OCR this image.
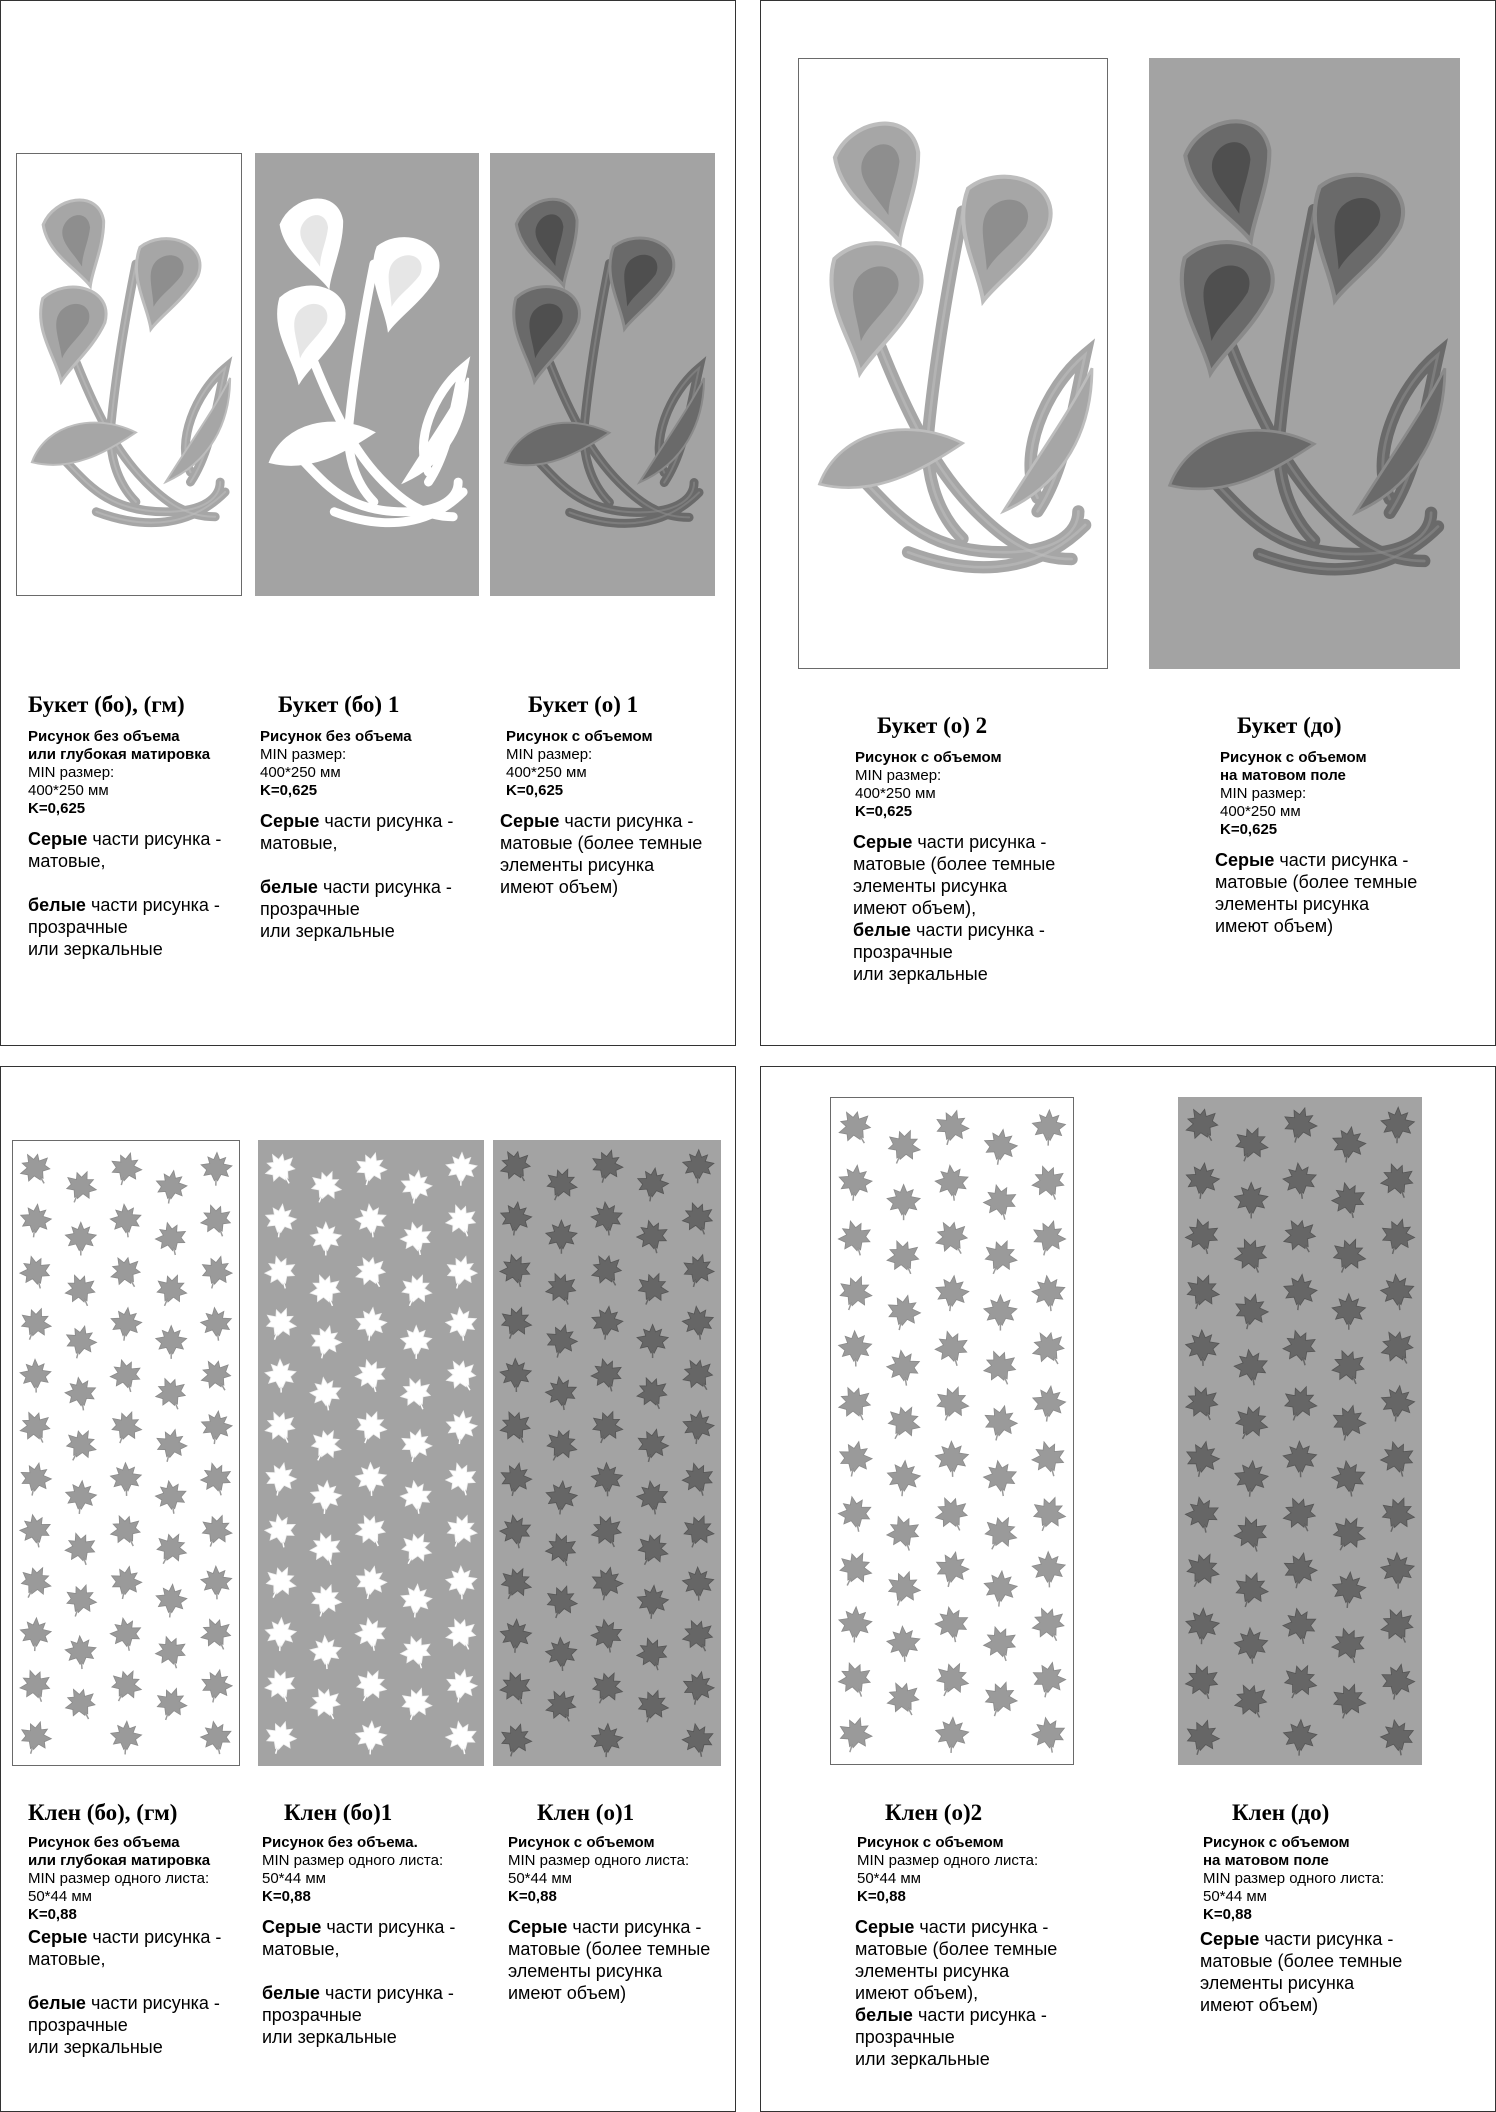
Букет (бо), (гм)
Рисунок без объема
или глубокая матировка
MIN размер:
400*250 мм
K=0,625
Серые части рисунка -
матовые,
белые части рисунка -
прозрачные
или зеркальные
Букет (бо) 1
Рисунок без объема
MIN размер:
400*250 мм
K=0,625
Серые части рисунка -
матовые,
белые части рисунка -
прозрачные
или зеркальные
Букет (о) 1
Рисунок с объемом
MIN размер:
400*250 мм
K=0,625
Серые части рисунка -
матовые (более темные
элементы рисунка
имеют объем)
Букет (о) 2
Рисунок с объемом
MIN размер:
400*250 мм
K=0,625
Серые части рисунка -
матовые (более темные
элементы рисунка
имеют объем),
белые части рисунка -
прозрачные
или зеркальные
Букет (до)
Рисунок с объемом
на матовом поле
MIN размер:
400*250 мм
K=0,625
Серые части рисунка -
матовые (более темные
элементы рисунка
имеют объем)
Клен (бо), (гм)
Рисунок без объема
или глубокая матировка
MIN размер одного листа:
50*44 мм
K=0,88
Серые части рисунка -
матовые,
белые части рисунка -
прозрачные
или зеркальные
Клен (бо)1
Рисунок без объема.
MIN размер одного листа:
50*44 мм
K=0,88
Серые части рисунка -
матовые,
белые части рисунка -
прозрачные
или зеркальные
Клен (о)1
Рисунок с объемом
MIN размер одного листа:
50*44 мм
K=0,88
Серые части рисунка -
матовые (более темные
элементы рисунка
имеют объем)
Клен (о)2
Рисунок с объемом
MIN размер одного листа:
50*44 мм
K=0,88
Серые части рисунка -
матовые (более темные
элементы рисунка
имеют объем),
белые части рисунка -
прозрачные
или зеркальные
Клен (до)
Рисунок с объемом
на матовом поле
MIN размер одного листа:
50*44 мм
K=0,88
Серые части рисунка -
матовые (более темные
элементы рисунка
имеют объем)
